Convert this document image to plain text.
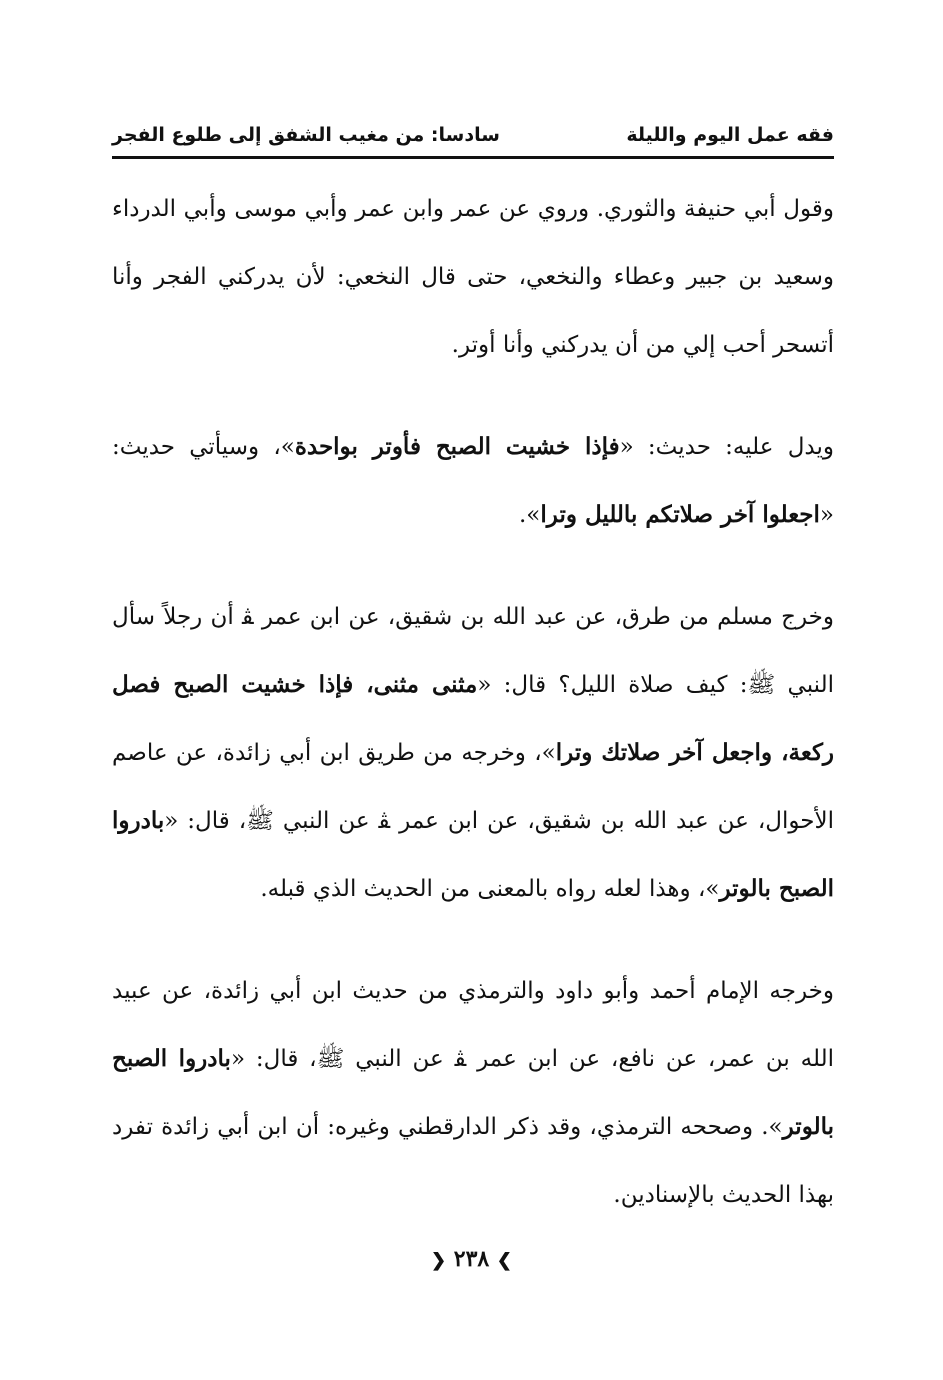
فقه عمل اليوم والليلة
سادسا: من مغيب الشفق إلى طلوع الفجر

وقول أبي حنيفة والثوري. وروي عن عمر وابن عمر وأبي موسى وأبي الدرداء وسعيد بن جبير وعطاء والنخعي، حتى قال النخعي: لأن يدركني الفجر وأنا أتسحر أحب إلي من أن يدركني وأنا أوتر.

ويدل عليه: حديث: «فإذا خشيت الصبح فأوتر بواحدة»، وسيأتي حديث: «اجعلوا آخر صلاتكم بالليل وترا».

وخرج مسلم من طرق، عن عبد الله بن شقيق، عن ابن عمر ﭭ أن رجلاً سأل النبي ﷺ: كيف صلاة الليل؟ قال: «مثنى مثنى، فإذا خشيت الصبح فصل ركعة، واجعل آخر صلاتك وترا»، وخرجه من طريق ابن أبي زائدة، عن عاصم الأحوال، عن عبد الله بن شقيق، عن ابن عمر ﭭ عن النبي ﷺ، قال: «بادروا الصبح بالوتر»، وهذا لعله رواه بالمعنى من الحديث الذي قبله.

وخرجه الإمام أحمد وأبو داود والترمذي من حديث ابن أبي زائدة، عن عبيد الله بن عمر، عن نافع، عن ابن عمر ﭭ عن النبي ﷺ، قال: «بادروا الصبح بالوتر». وصححه الترمذي، وقد ذكر الدارقطني وغيره: أن ابن أبي زائدة تفرد بهذا الحديث بالإسنادين.

❯ ٢٣٨ ❮
